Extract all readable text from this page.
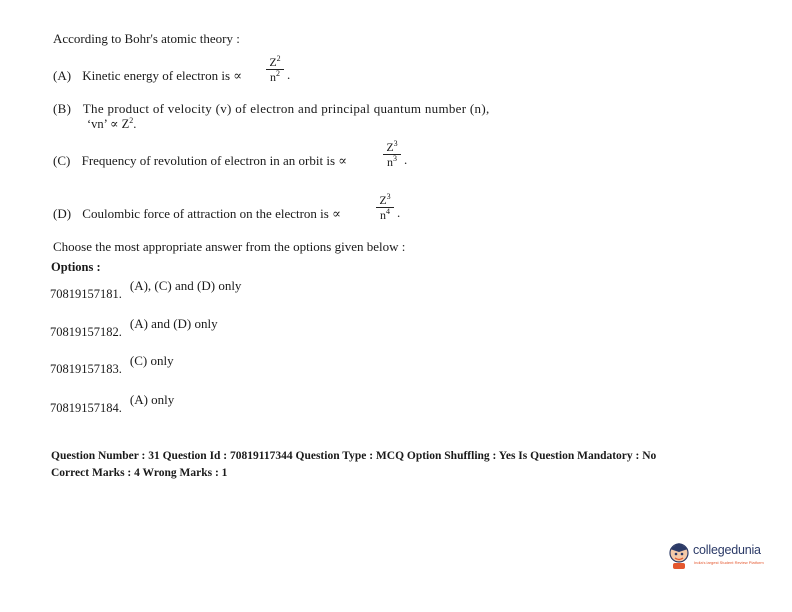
According to Bohr's atomic theory :
(A) Kinetic energy of electron is ∝
$Z^2$
$n^2$ .
(B) The product of velocity (v) of electron and principal quantum number (n),
‘vn’ ∝ $Z^2$.
(C) Frequency of revolution of electron in an orbit is ∝
$Z^3$
$n^3$ .
(D) Coulombic force of attraction on the electron is ∝
$Z^3$
$n^4$ .
Choose the most appropriate answer from the options given below :
Options :
$_{70819157181.}$ (A), (C) and (D) only
$_{70819157182.}$ (A) and (D) only
$_{70819157183.}$ (C) only
$_{70819157184.}$ (A) only
Question Number : 31 Question Id : 70819117344 Question Type : MCQ Option Shuffling : Yes Is Question Mandatory : No
Correct Marks : 4 Wrong Marks : 1
collegedunia
India's largest Student Review Platform
